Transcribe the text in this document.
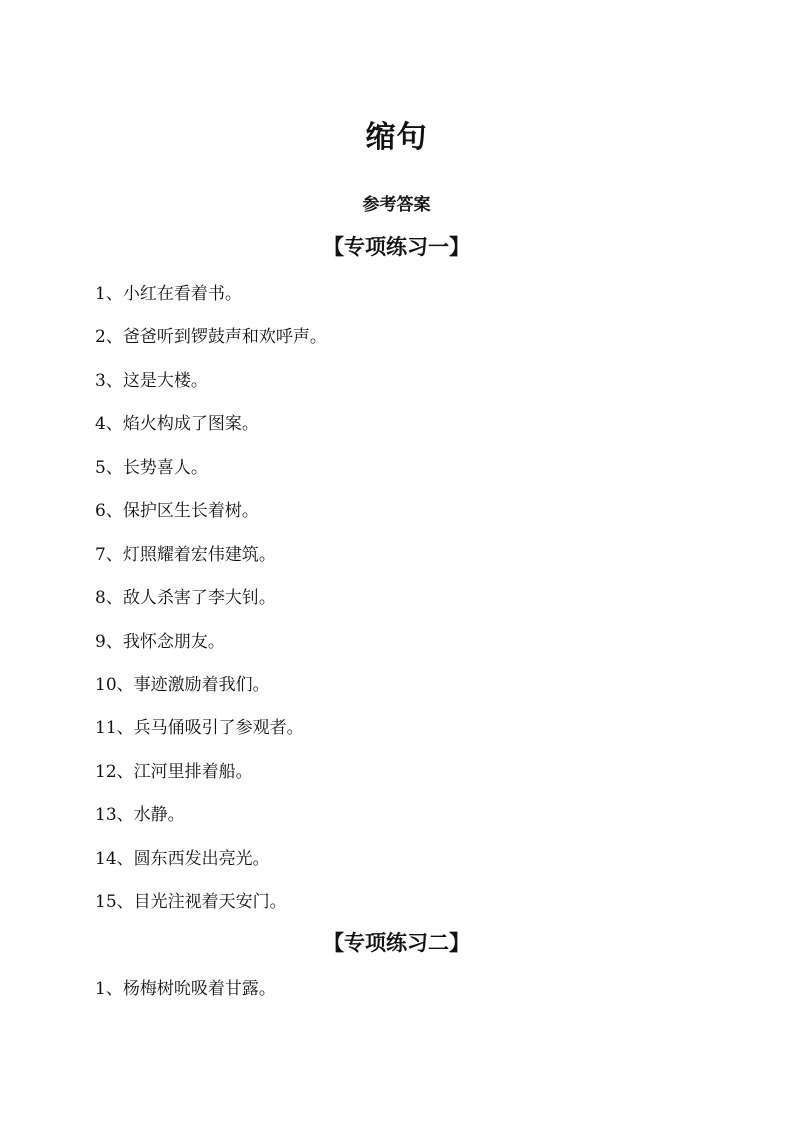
缩句
参考答案
【专项练习一】
1、小红在看着书。
2、爸爸听到锣鼓声和欢呼声。
3、这是大楼。
4、焰火构成了图案。
5、长势喜人。
6、保护区生长着树。
7、灯照耀着宏伟建筑。
8、敌人杀害了李大钊。
9、我怀念朋友。
10、事迹激励着我们。
11、兵马俑吸引了参观者。
12、江河里排着船。
13、水静。
14、圆东西发出亮光。
15、目光注视着天安门。
【专项练习二】
1、杨梅树吮吸着甘露。
